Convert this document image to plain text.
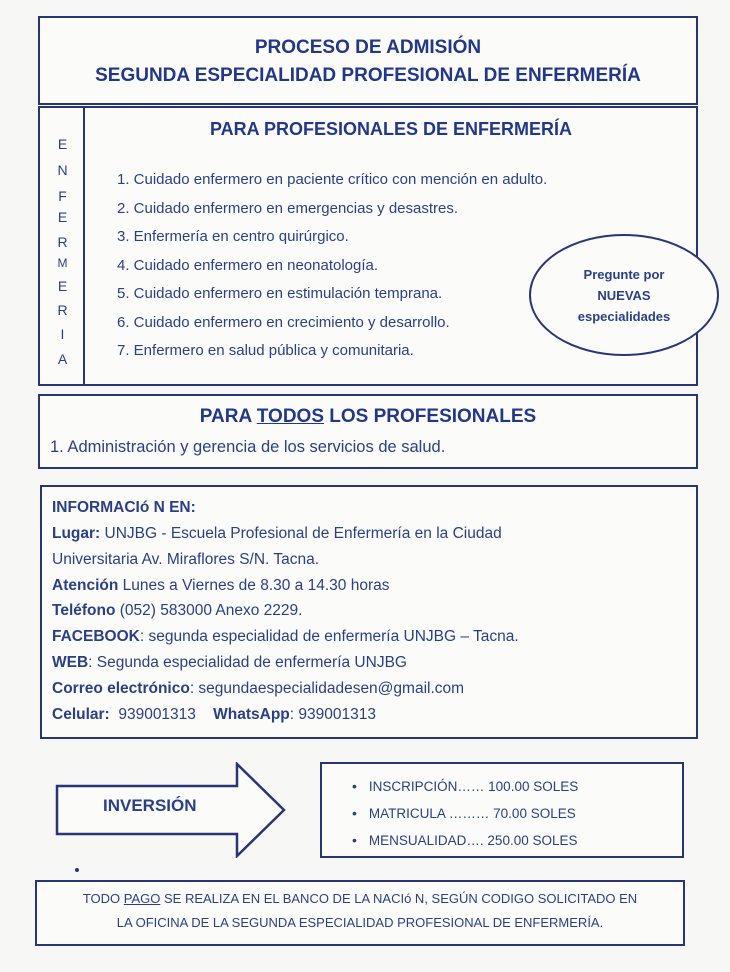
PROCESO DE ADMISIÓN
SEGUNDA ESPECIALIDAD PROFESIONAL DE ENFERMERÍA
E
N
F
E
R
M
E
R
I
A
PARA PROFESIONALES DE ENFERMERÍA
1. Cuidado enfermero en paciente crítico con mención en adulto.
2. Cuidado enfermero en emergencias y desastres.
3. Enfermería en centro quirúrgico.
4. Cuidado enfermero en neonatología.
5. Cuidado enfermero en estimulación temprana.
6. Cuidado enfermero en crecimiento y desarrollo.
7. Enfermero en salud pública y comunitaria.
Pregunte por
NUEVAS
especialidades
PARA TODOS LOS PROFESIONALES
1. Administración y gerencia de los servicios de salud.
INFORMACIó N EN:
Lugar: UNJBG - Escuela Profesional de Enfermería en la Ciudad
Universitaria Av. Miraflores S/N. Tacna.
Atención Lunes a Viernes de 8.30 a 14.30 horas
Teléfono (052) 583000 Anexo 2229.
FACEBOOK: segunda especialidad de enfermería UNJBG – Tacna.
WEB: Segunda especialidad de enfermería UNJBG
Correo electrónico: segundaespecialidadesen@gmail.com
Celular:  939001313    WhatsApp: 939001313
INVERSIÓN
• INSCRIPCIÓN…… 100.00 SOLES
• MATRICULA ……… 70.00 SOLES
• MENSUALIDAD…. 250.00 SOLES
TODO PAGO SE REALIZA EN EL BANCO DE LA NACIó N, SEGÚN CODIGO SOLICITADO EN
LA OFICINA DE LA SEGUNDA ESPECIALIDAD PROFESIONAL DE ENFERMERÍA.
